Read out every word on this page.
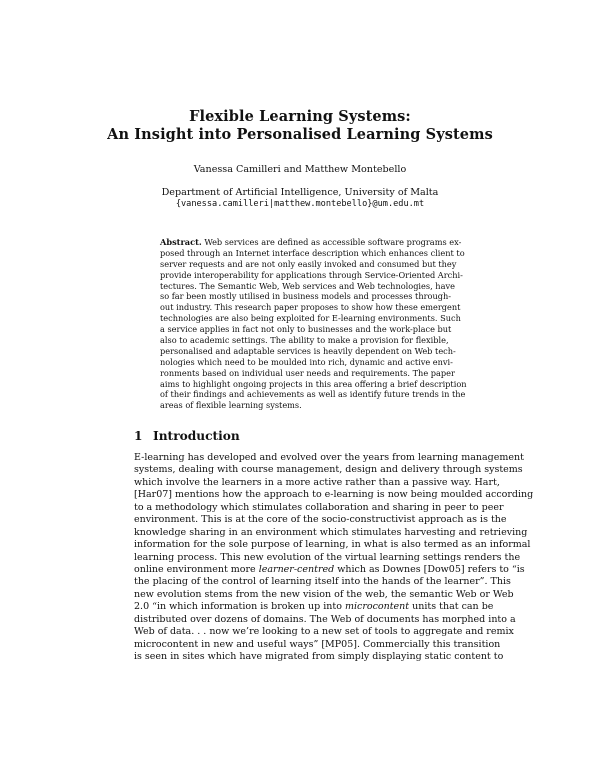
Flexible Learning Systems:
An Insight into Personalised Learning Systems
Vanessa Camilleri and Matthew Montebello
Department of Artificial Intelligence, University of Malta
{vanessa.camilleri|matthew.montebello}@um.edu.mt
Abstract. Web services are defined as accessible software programs ex-
posed through an Internet interface description which enhances client to
server requests and are not only easily invoked and consumed but they
provide interoperability for applications through Service-Oriented Archi-
tectures. The Semantic Web, Web services and Web technologies, have
so far been mostly utilised in business models and processes through-
out industry. This research paper proposes to show how these emergent
technologies are also being exploited for E-learning environments. Such
a service applies in fact not only to businesses and the work-place but
also to academic settings. The ability to make a provision for flexible,
personalised and adaptable services is heavily dependent on Web tech-
nologies which need to be moulded into rich, dynamic and active envi-
ronments based on individual user needs and requirements. The paper
aims to highlight ongoing projects in this area offering a brief description
of their findings and achievements as well as identify future trends in the
areas of flexible learning systems.
1 Introduction
E-learning has developed and evolved over the years from learning management
systems, dealing with course management, design and delivery through systems
which involve the learners in a more active rather than a passive way. Hart,
[Har07] mentions how the approach to e-learning is now being moulded according
to a methodology which stimulates collaboration and sharing in peer to peer
environment. This is at the core of the socio-constructivist approach as is the
knowledge sharing in an environment which stimulates harvesting and retrieving
information for the sole purpose of learning, in what is also termed as an informal
learning process. This new evolution of the virtual learning settings renders the
online environment more learner-centred which as Downes [Dow05] refers to “is
the placing of the control of learning itself into the hands of the learner”. This
new evolution stems from the new vision of the web, the semantic Web or Web
2.0 “in which information is broken up into microcontent units that can be
distributed over dozens of domains. The Web of documents has morphed into a
Web of data. . . now we’re looking to a new set of tools to aggregate and remix
microcontent in new and useful ways” [MP05]. Commercially this transition
is seen in sites which have migrated from simply displaying static content to
